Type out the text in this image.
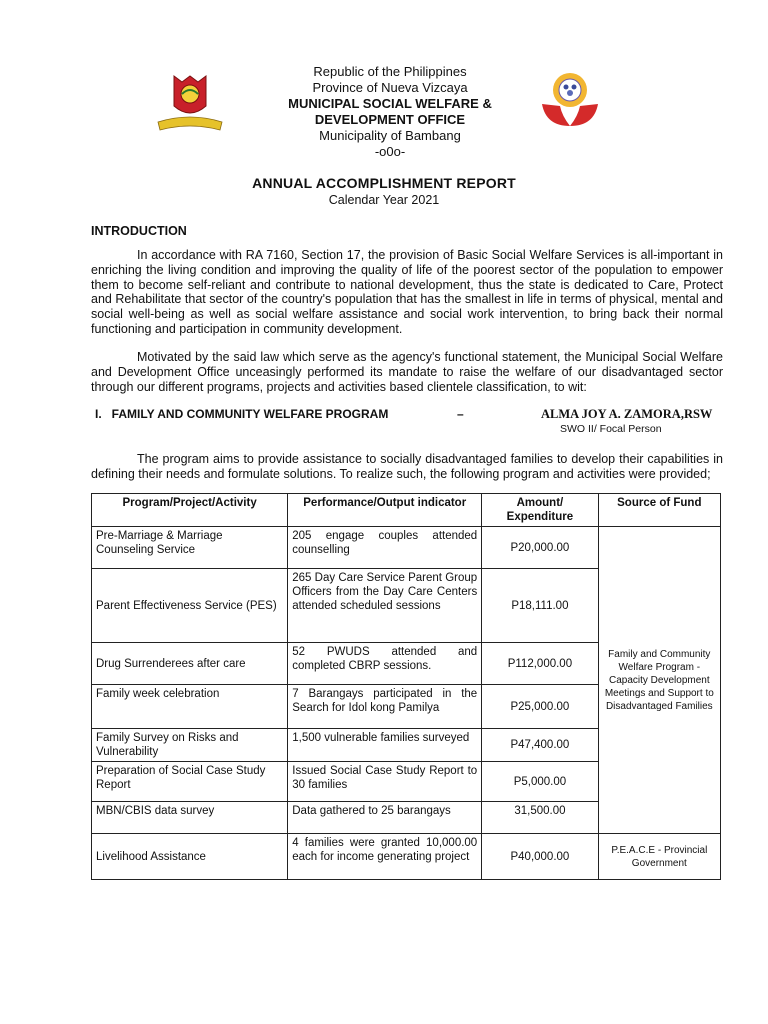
Republic of the Philippines
Province of Nueva Vizcaya
MUNICIPAL SOCIAL WELFARE &
DEVELOPMENT OFFICE
Municipality of Bambang
-o0o-
ANNUAL ACCOMPLISHMENT REPORT
Calendar Year 2021
INTRODUCTION
In accordance with RA 7160, Section 17, the provision of Basic Social Welfare Services is all-important in enriching the living condition and improving the quality of life of the poorest sector of the population to empower them to become self-reliant and contribute to national development, thus the state is dedicated to Care, Protect and Rehabilitate that sector of the country's population that has the smallest in life in terms of physical, mental and social well-being as well as social welfare assistance and social work intervention, to bring back their normal functioning and participation in community development.
Motivated by the said law which serve as the agency's functional statement, the Municipal Social Welfare and Development Office unceasingly performed its mandate to raise the welfare of our disadvantaged sector through our different programs, projects and activities based clientele classification, to wit:
I.   FAMILY AND COMMUNITY WELFARE PROGRAM	–	ALMA JOY A. ZAMORA,RSW
SWO II/ Focal Person
The program aims to provide assistance to socially disadvantaged families to develop their capabilities in defining their needs and formulate solutions. To realize such, the following program and activities were provided;
Program/Project/Activity	Performance/Output indicator	Amount/ Expenditure	Source of Fund
Pre-Marriage & Marriage Counseling Service	205 engage couples attended counselling	P20,000.00	Family and Community Welfare Program - Capacity Development Meetings and Support to Disadvantaged Families
Parent Effectiveness Service (PES)	265 Day Care Service Parent Group Officers from the Day Care Centers attended scheduled sessions	P18,111.00	
Drug Surrenderees after care	52 PWUDS attended and completed CBRP sessions.	P112,000.00	
Family week celebration	7 Barangays participated in the Search for Idol kong Pamilya	P25,000.00	
Family Survey on Risks and Vulnerability	1,500 vulnerable families surveyed	P47,400.00	
Preparation of Social Case Study Report	Issued Social Case Study Report to 30 families	P5,000.00	
MBN/CBIS data survey	Data gathered to 25 barangays	31,500.00	
Livelihood Assistance	4 families were granted 10,000.00 each for income generating project	P40,000.00	P.E.A.C.E - Provincial Government
